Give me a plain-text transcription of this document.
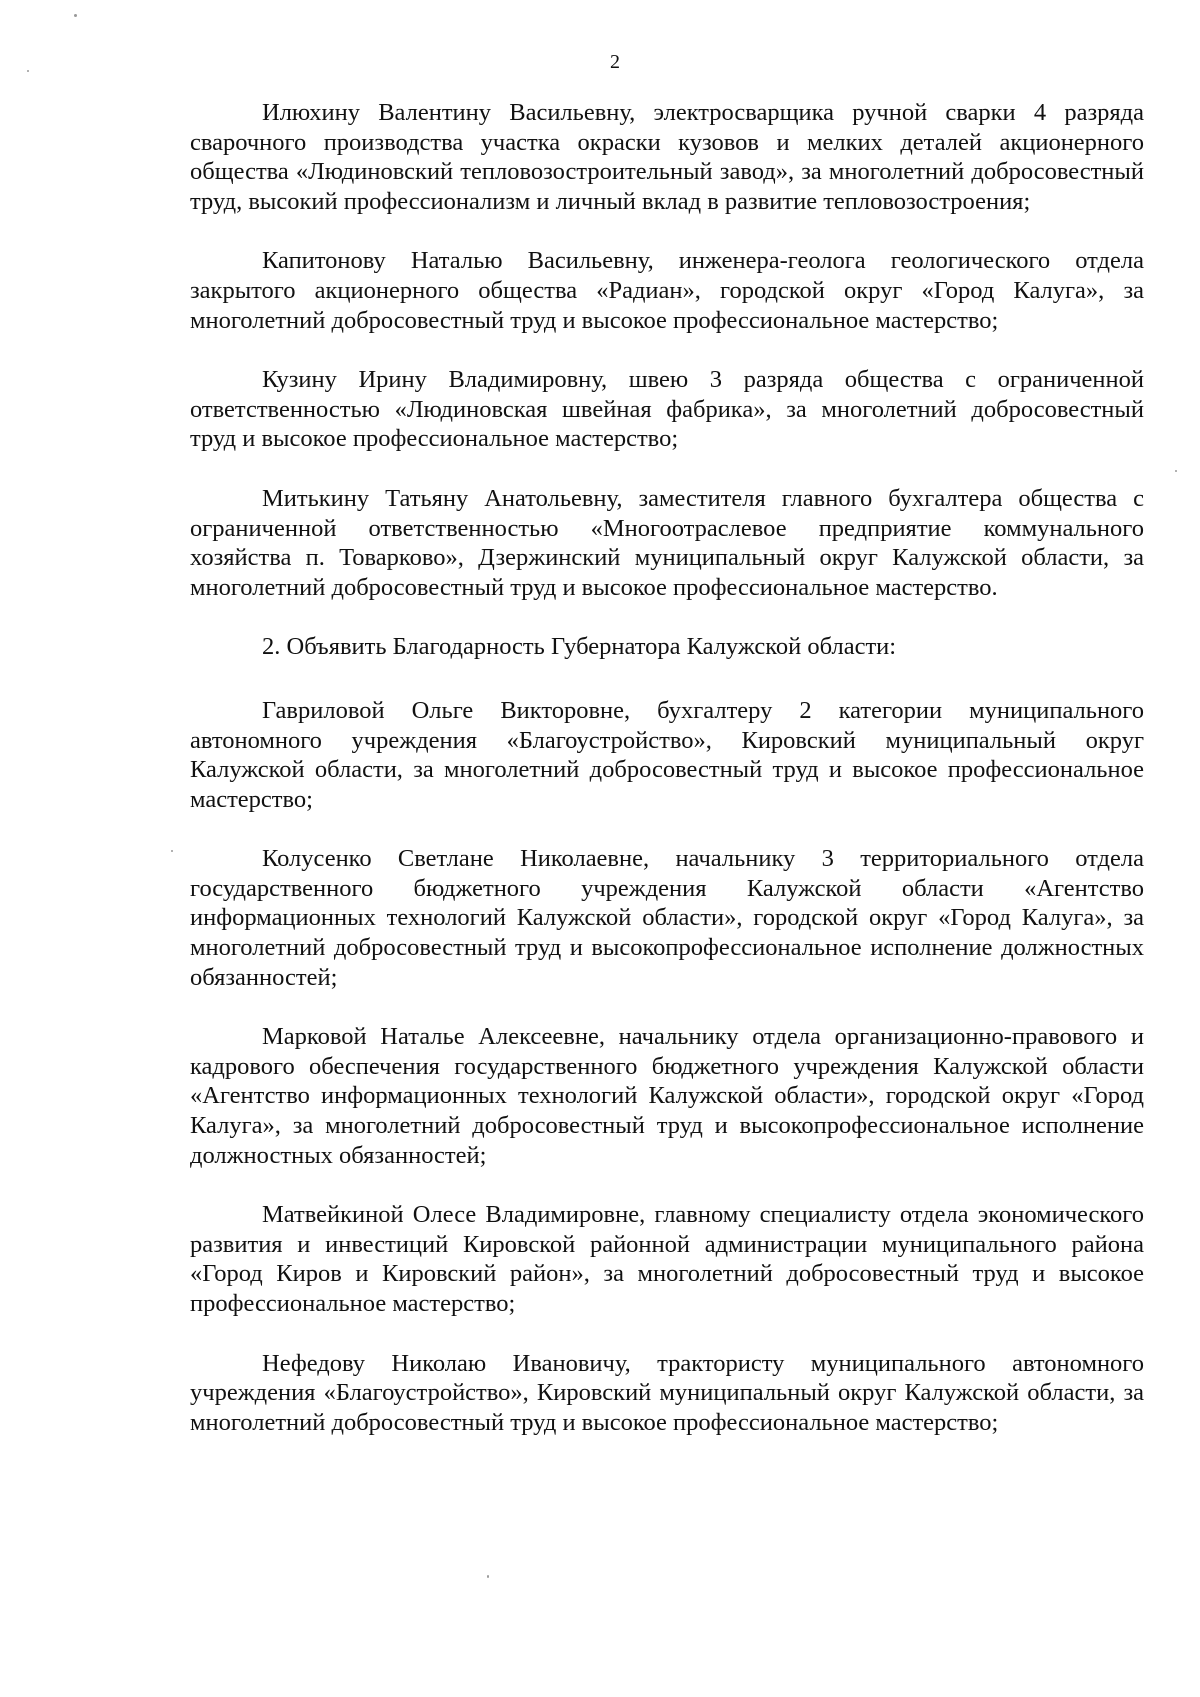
2

Илюхину Валентину Васильевну, электросварщика ручной сварки 4 разряда сварочного производства участка окраски кузовов и мелких деталей акционерного общества «Людиновский тепловозостроительный завод», за многолетний добросовестный труд, высокий профессионализм и личный вклад в развитие тепловозостроения;

Капитонову Наталью Васильевну, инженера-геолога геологического отдела закрытого акционерного общества «Радиан», городской округ «Город Калуга», за многолетний добросовестный труд и высокое профессиональное мастерство;

Кузину Ирину Владимировну, швею 3 разряда общества с ограниченной ответственностью «Людиновская швейная фабрика», за многолетний добросовестный труд и высокое профессиональное мастерство;

Митькину Татьяну Анатольевну, заместителя главного бухгалтера общества с ограниченной ответственностью «Многоотраслевое предприятие коммунального хозяйства п. Товарково», Дзержинский муниципальный округ Калужской области, за многолетний добросовестный труд и высокое профессиональное мастерство.

2. Объявить Благодарность Губернатора Калужской области:

Гавриловой Ольге Викторовне, бухгалтеру 2 категории муниципального автономного учреждения «Благоустройство», Кировский муниципальный округ Калужской области, за многолетний добросовестный труд и высокое профессиональное мастерство;

Колусенко Светлане Николаевне, начальнику 3 территориального отдела государственного бюджетного учреждения Калужской области «Агентство информационных технологий Калужской области», городской округ «Город Калуга», за многолетний добросовестный труд и высокопрофессиональное исполнение должностных обязанностей;

Марковой Наталье Алексеевне, начальнику отдела организационно-правового и кадрового обеспечения государственного бюджетного учреждения Калужской области «Агентство информационных технологий Калужской области», городской округ «Город Калуга», за многолетний добросовестный труд и высокопрофессиональное исполнение должностных обязанностей;

Матвейкиной Олесе Владимировне, главному специалисту отдела экономического развития и инвестиций Кировской районной администрации муниципального района «Город Киров и Кировский район», за многолетний добросовестный труд и высокое профессиональное мастерство;

Нефедову Николаю Ивановичу, трактористу муниципального автономного учреждения «Благоустройство», Кировский муниципальный округ Калужской области, за многолетний добросовестный труд и высокое профессиональное мастерство;
